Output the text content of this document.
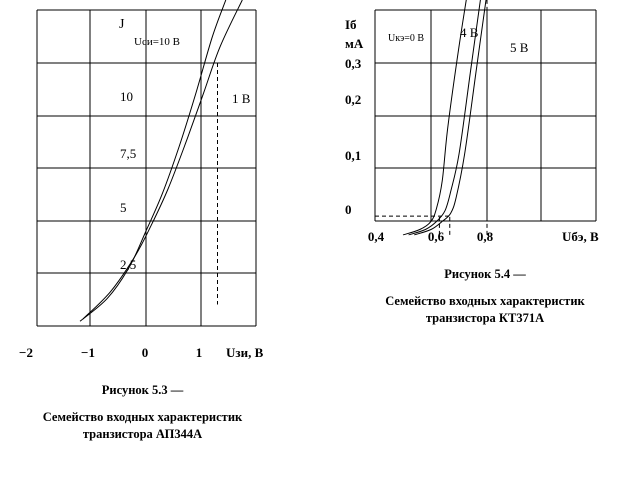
−2	−1	0	1 Uзи, В
2,5
5
7,5
10
J
Uси=10 В
1 В
0,4	0,6	0,8	Uбэ, В
0
0,1
0,2
0,3
Iб
мА Uкэ=0 В	4 В
5 В
Рисунок 5.3 ―
Семейство входных характеристик
транзистора АП344А
Рисунок 5.4 ―
Семейство входных характеристик
транзистора КТ371А
